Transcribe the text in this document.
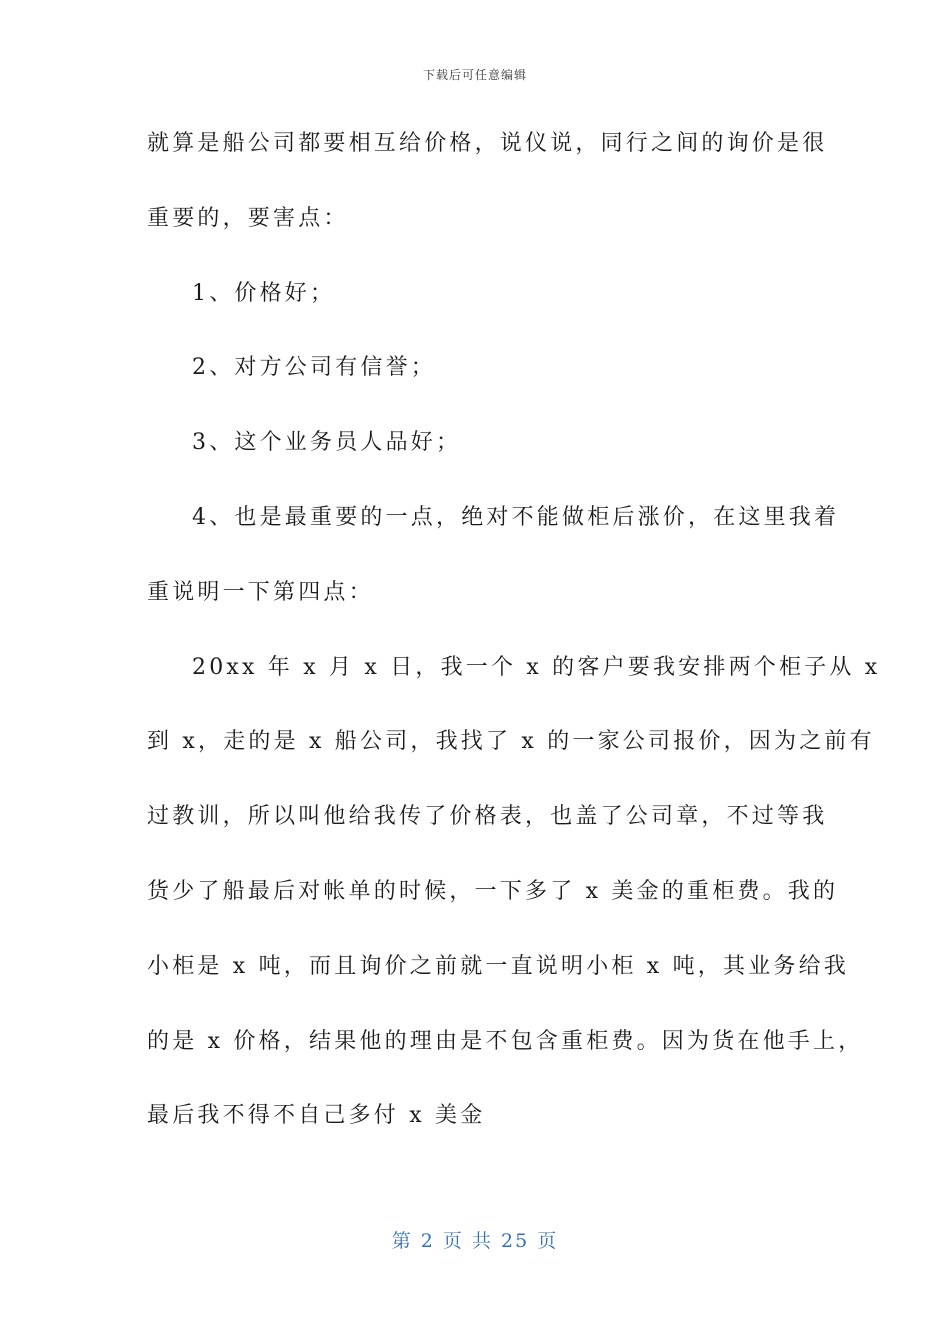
下载后可任意编辑
就算是船公司都要相互给价格，说仪说，同行之间的询价是很
重要的，要害点：
1、价格好；
2、对方公司有信誉；
3、这个业务员人品好；
4、也是最重要的一点，绝对不能做柜后涨价，在这里我着
重说明一下第四点：
20xx 年 x 月 x 日，我一个 x 的客户要我安排两个柜子从 x
到 x，走的是 x 船公司，我找了 x 的一家公司报价，因为之前有
过教训，所以叫他给我传了价格表，也盖了公司章，不过等我
货少了船最后对帐单的时候，一下多了 x 美金的重柜费。我的
小柜是 x 吨，而且询价之前就一直说明小柜 x 吨，其业务给我
的是 x 价格，结果他的理由是不包含重柜费。因为货在他手上，
最后我不得不自己多付 x 美金
第 2 页 共 25 页
